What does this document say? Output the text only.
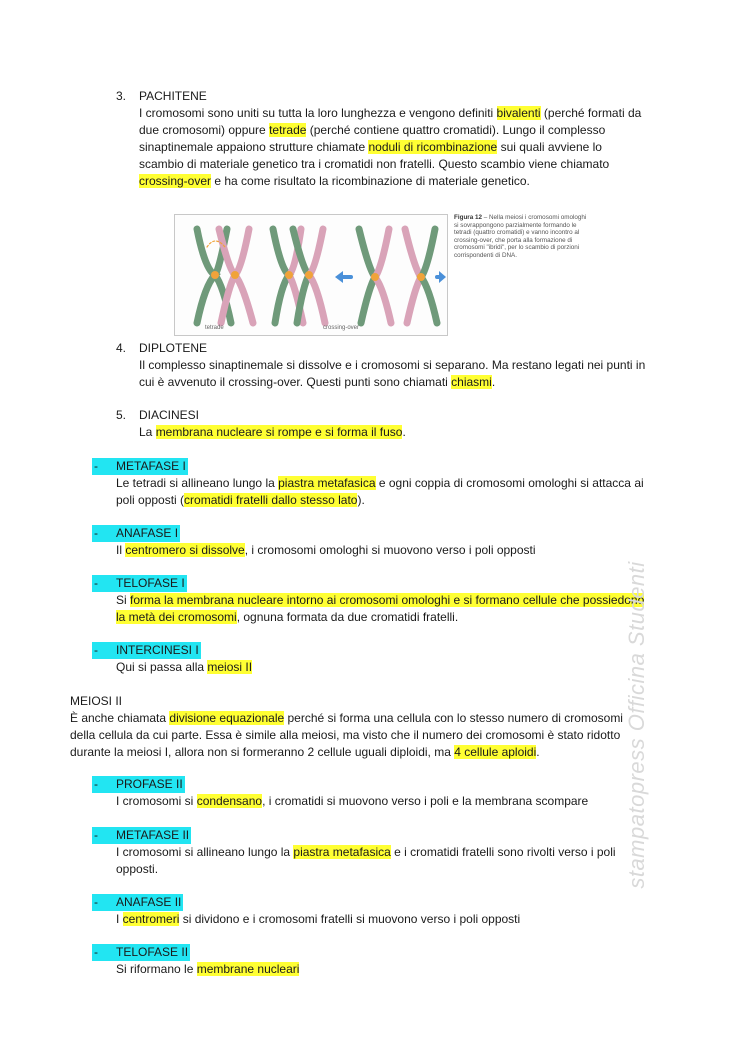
3. PACHITENE
I cromosomi sono uniti su tutta la loro lunghezza e vengono definiti bivalenti (perché formati da
due cromosomi) oppure tetrade (perché contiene quattro cromatidi). Lungo il complesso
sinaptinemale appaiono strutture chiamate noduli di ricombinazione sui quali avviene lo
scambio di materiale genetico tra i cromatidi non fratelli. Questo scambio viene chiamato
crossing-over e ha come risultato la ricombinazione di materiale genetico.
tetrade	crossing-over
Figura 12 – Nella meiosi i cromosomi omologhi si sovrappongono parzialmente formando le tetradi (quattro cromatidi) e vanno incontro al crossing-over, che porta alla formazione di cromosomi "ibridi", per lo scambio di porzioni corrispondenti di DNA.
4. DIPLOTENE
Il complesso sinaptinemale si dissolve e i cromosomi si separano. Ma restano legati nei punti in
cui è avvenuto il crossing-over. Questi punti sono chiamati chiasmi.
5. DIACINESI
La membrana nucleare si rompe e si forma il fuso.
-	METAFASE I
Le tetradi si allineano lungo la piastra metafasica e ogni coppia di cromosomi omologhi si attacca ai
poli opposti (cromatidi fratelli dallo stesso lato).
-	ANAFASE I
Il centromero si dissolve, i cromosomi omologhi si muovono verso i poli opposti
-	TELOFASE I
Si forma la membrana nucleare intorno ai cromosomi omologhi e si formano cellule che possiedono
la metà dei cromosomi, ognuna formata da due cromatidi fratelli.
-	INTERCINESI I
Qui si passa alla meiosi II
MEIOSI II
È anche chiamata divisione equazionale perché si forma una cellula con lo stesso numero di cromosomi
della cellula da cui parte. Essa è simile alla meiosi, ma visto che il numero dei cromosomi è stato ridotto
durante la meiosi I, allora non si formeranno 2 cellule uguali diploidi, ma 4 cellule aploidi.
-	PROFASE II
I cromosomi si condensano, i cromatidi si muovono verso i poli e la membrana scompare
-	METAFASE II
I cromosomi si allineano lungo la piastra metafasica e i cromatidi fratelli sono rivolti verso i poli
opposti.
-	ANAFASE II
I centromeri si dividono e i cromosomi fratelli si muovono verso i poli opposti
-	TELOFASE II
Si riformano le membrane nucleari
stampatopress Officina Studenti
